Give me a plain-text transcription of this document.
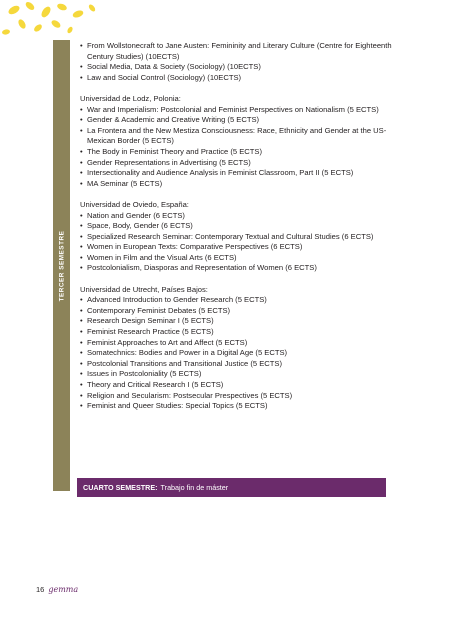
TERCER SEMESTRE
• From Wollstonecraft to Jane Austen: Femininity and Literary Culture (Centre for Eighteenth Century Studies) (10ECTS)
• Social Media, Data & Society (Sociology) (10ECTS)
• Law and Social Control (Sociology) (10ECTS)

Universidad de Lodz, Polonia:

• War and Imperialism: Postcolonial and Feminist Perspectives on Nationalism (5 ECTS)
• Gender & Academic and Creative Writing (5 ECTS)
• La Frontera and the New Mestiza Consciousness: Race, Ethnicity and Gender at the US-Mexican Border (5 ECTS)
• The Body in Feminist Theory and Practice (5 ECTS)
• Gender Representations in Advertising (5 ECTS)
• Intersectionality and Audience Analysis in Feminist Classroom, Part II (5 ECTS)
• MA Seminar (5 ECTS)

Universidad de Oviedo, España:

• Nation and Gender (6 ECTS)
• Space, Body, Gender (6 ECTS)
• Specialized Research Seminar: Contemporary Textual and Cultural Studies (6 ECTS)
• Women in European Texts: Comparative Perspectives (6 ECTS)
• Women in Film and the Visual Arts (6 ECTS)
• Postcolonialism, Diasporas and Representation of Women (6 ECTS)

Universidad de Utrecht, Países Bajos:

• Advanced Introduction to Gender Research (5 ECTS)
• Contemporary Feminist Debates (5 ECTS)
• Research Design Seminar I (5 ECTS)
• Feminist Research Practice (5 ECTS)
• Feminist Approaches to Art and Affect (5 ECTS)
• Somatechnics: Bodies and Power in a Digital Age (5 ECTS)
• Postcolonial Transitions and Transitional Justice (5 ECTS)
• Issues in Postcoloniality (5 ECTS)
• Theory and Critical Research I (5 ECTS)
• Religion and Secularism: Postsecular Prespectives (5 ECTS)
• Feminist and Queer Studies: Special Topics (5 ECTS)
CUARTO SEMESTRE: Trabajo fin de máster
16 gemma
